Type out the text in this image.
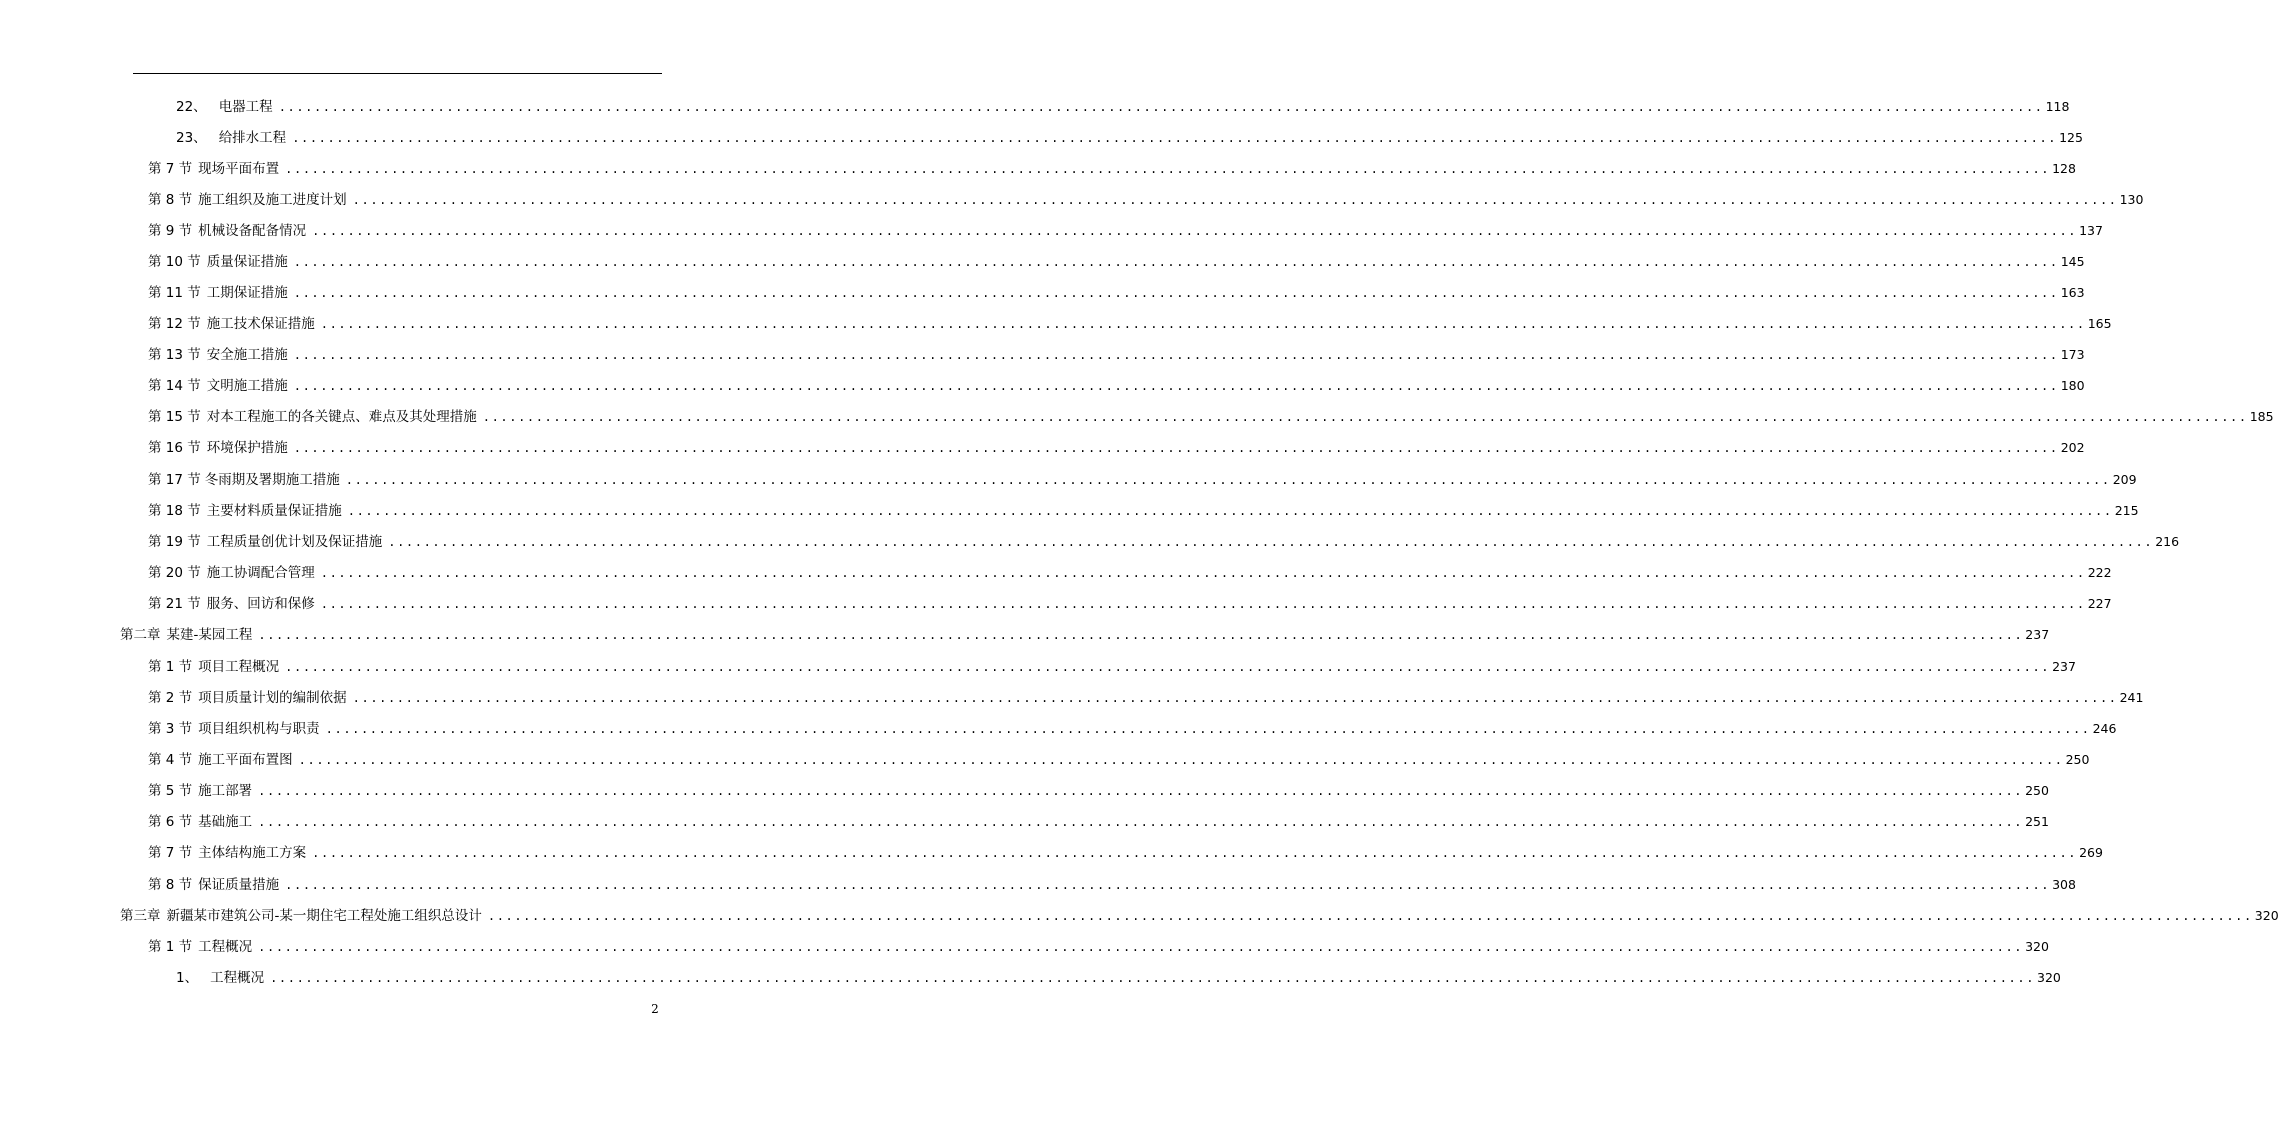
22、 电器工程 ........................................................................................................................................................................................................ 118
23、 给排水工程 ........................................................................................................................................................................................................ 125
第 7 节 现场平面布置 ........................................................................................................................................................................................................ 128
第 8 节 施工组织及施工进度计划 ........................................................................................................................................................................................................ 130
第 9 节 机械设备配备情况 ........................................................................................................................................................................................................ 137
第 10 节 质量保证措施 ........................................................................................................................................................................................................ 145
第 11 节 工期保证措施 ........................................................................................................................................................................................................ 163
第 12 节 施工技术保证措施 ........................................................................................................................................................................................................ 165
第 13 节 安全施工措施 ........................................................................................................................................................................................................ 173
第 14 节 文明施工措施 ........................................................................................................................................................................................................ 180
第 15 节 对本工程施工的各关键点、难点及其处理措施 ........................................................................................................................................................................................................ 185
第 16 节 环境保护措施 ........................................................................................................................................................................................................ 202
第 17 节 冬雨期及署期施工措施 ........................................................................................................................................................................................................ 209
第 18 节 主要材料质量保证措施 ........................................................................................................................................................................................................ 215
第 19 节 工程质量创优计划及保证措施 ........................................................................................................................................................................................................ 216
第 20 节 施工协调配合管理 ........................................................................................................................................................................................................ 222
第 21 节 服务、回访和保修 ........................................................................................................................................................................................................ 227
第二章 某建-某园工程 ........................................................................................................................................................................................................ 237
第 1 节 项目工程概况 ........................................................................................................................................................................................................ 237
第 2 节 项目质量计划的编制依据 ........................................................................................................................................................................................................ 241
第 3 节 项目组织机构与职责 ........................................................................................................................................................................................................ 246
第 4 节 施工平面布置图 ........................................................................................................................................................................................................ 250
第 5 节 施工部署 ........................................................................................................................................................................................................ 250
第 6 节 基础施工 ........................................................................................................................................................................................................ 251
第 7 节 主体结构施工方案 ........................................................................................................................................................................................................ 269
第 8 节 保证质量措施 ........................................................................................................................................................................................................ 308
第三章 新疆某市建筑公司-某一期住宅工程处施工组织总设计 ........................................................................................................................................................................................................ 320
第 1 节 工程概况 ........................................................................................................................................................................................................ 320
1、 工程概况 ........................................................................................................................................................................................................ 320
2
